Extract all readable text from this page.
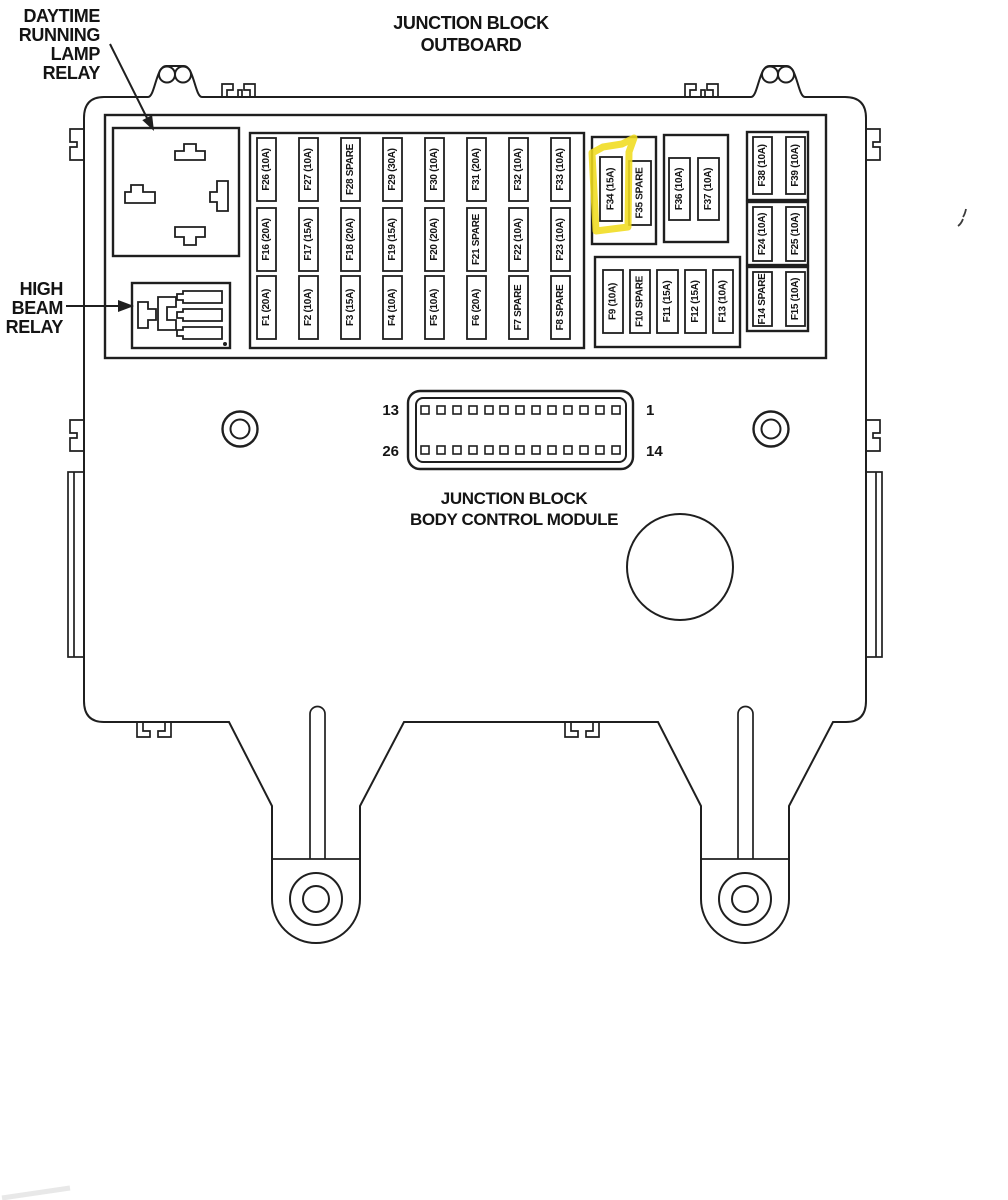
DAYTIME
RUNNING
LAMP
RELAY
JUNCTION BLOCK
OUTBOARD
HIGH
BEAM
RELAY
F26 (10A)	F27 (10A)	F28 SPARE	F29 (30A)	F30 (10A)	F31 (20A)	F32 (10A)	F33 (10A)
F16 (20A)	F17 (15A)	F18 (20A)	F19 (15A)	F20 (20A)	F21 SPARE	F22 (10A)	F23 (10A)
F1 (20A)	F2 (10A)	F3 (15A)	F4 (10A)	F5 (10A)	F6 (20A)	F7 SPARE	F8 SPARE
F34 (15A) F35 SPARE	F36 (10A) F37 (10A)
F38 (10A) F39 (10A)
F24 (10A) F25 (10A)
F14 SPARE F15 (10A)
F9 (10A) F10 SPARE F11 (15A) F12 (15A) F13 (10A)
13
26
1
14
JUNCTION BLOCK
BODY CONTROL MODULE
